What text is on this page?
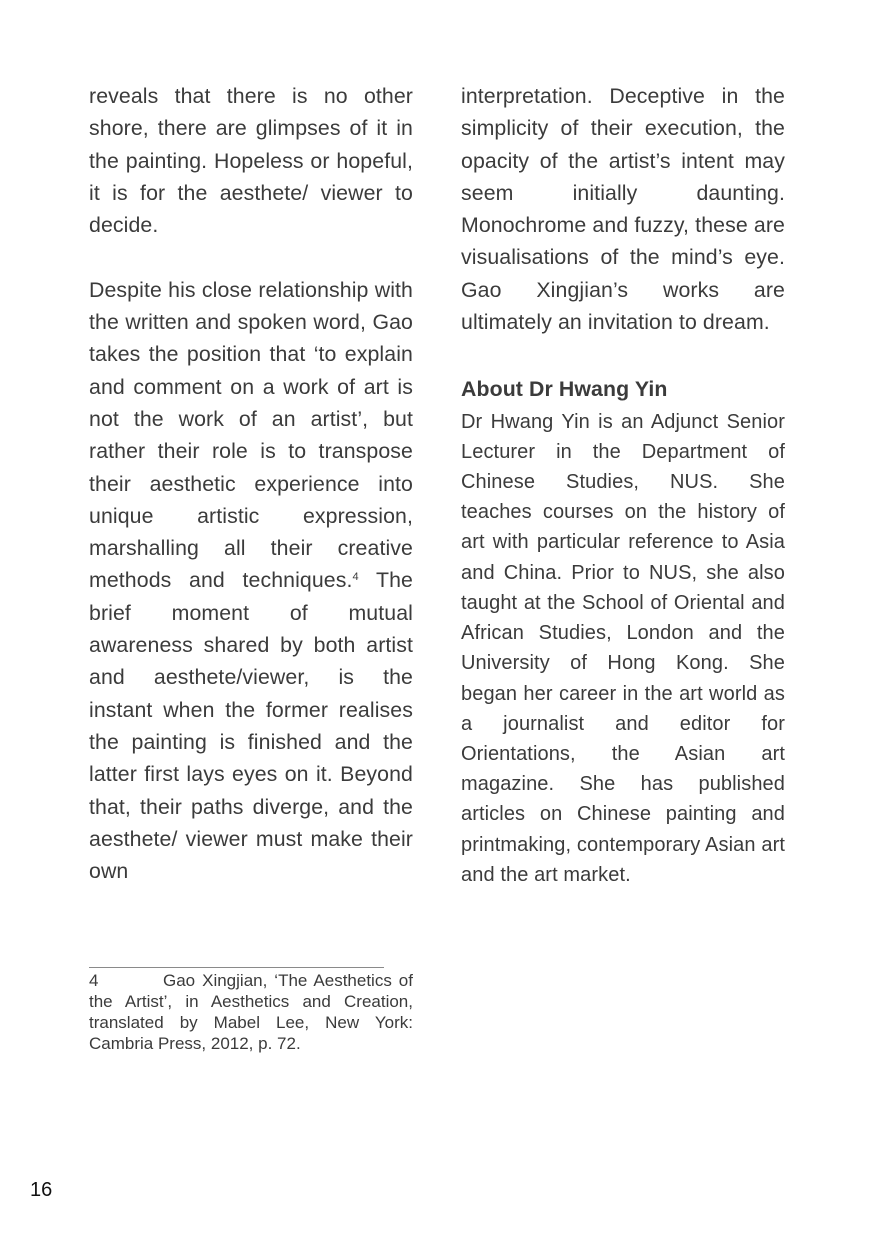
reveals that there is no other shore, there are glimpses of it in the painting. Hopeless or hopeful, it is for the aesthete/ viewer to decide.

Despite his close relationship with the written and spoken word, Gao takes the position that ‘to explain and comment on a work of art is not the work of an artist’, but rather their role is to transpose their aesthetic experience into unique artistic expression, marshalling all their creative methods and techniques.$^4$ The brief moment of mutual awareness shared by both artist and aesthete/viewer, is the instant when the former realises the painting is finished and the latter first lays eyes on it. Beyond that, their paths diverge, and the aesthete/ viewer must make their own

interpretation. Deceptive in the simplicity of their execution, the opacity of the artist’s intent may seem initially daunting. Monochrome and fuzzy, these are visualisations of the mind’s eye. Gao Xingjian’s works are ultimately an invitation to dream.

About Dr Hwang Yin

Dr Hwang Yin is an Adjunct Senior Lecturer in the Department of Chinese Studies, NUS. She teaches courses on the history of art with particular reference to Asia and China. Prior to NUS, she also taught at the School of Oriental and African Studies, London and the University of Hong Kong. She began her career in the art world as a journalist and editor for Orientations, the Asian art magazine. She has published articles on Chinese painting and printmaking, contemporary Asian art and the art market.

4	Gao Xingjian, ‘The Aesthetics of the Artist’, in Aesthetics and Creation, translated by Mabel Lee, New York: Cambria Press, 2012, p. 72.
16
